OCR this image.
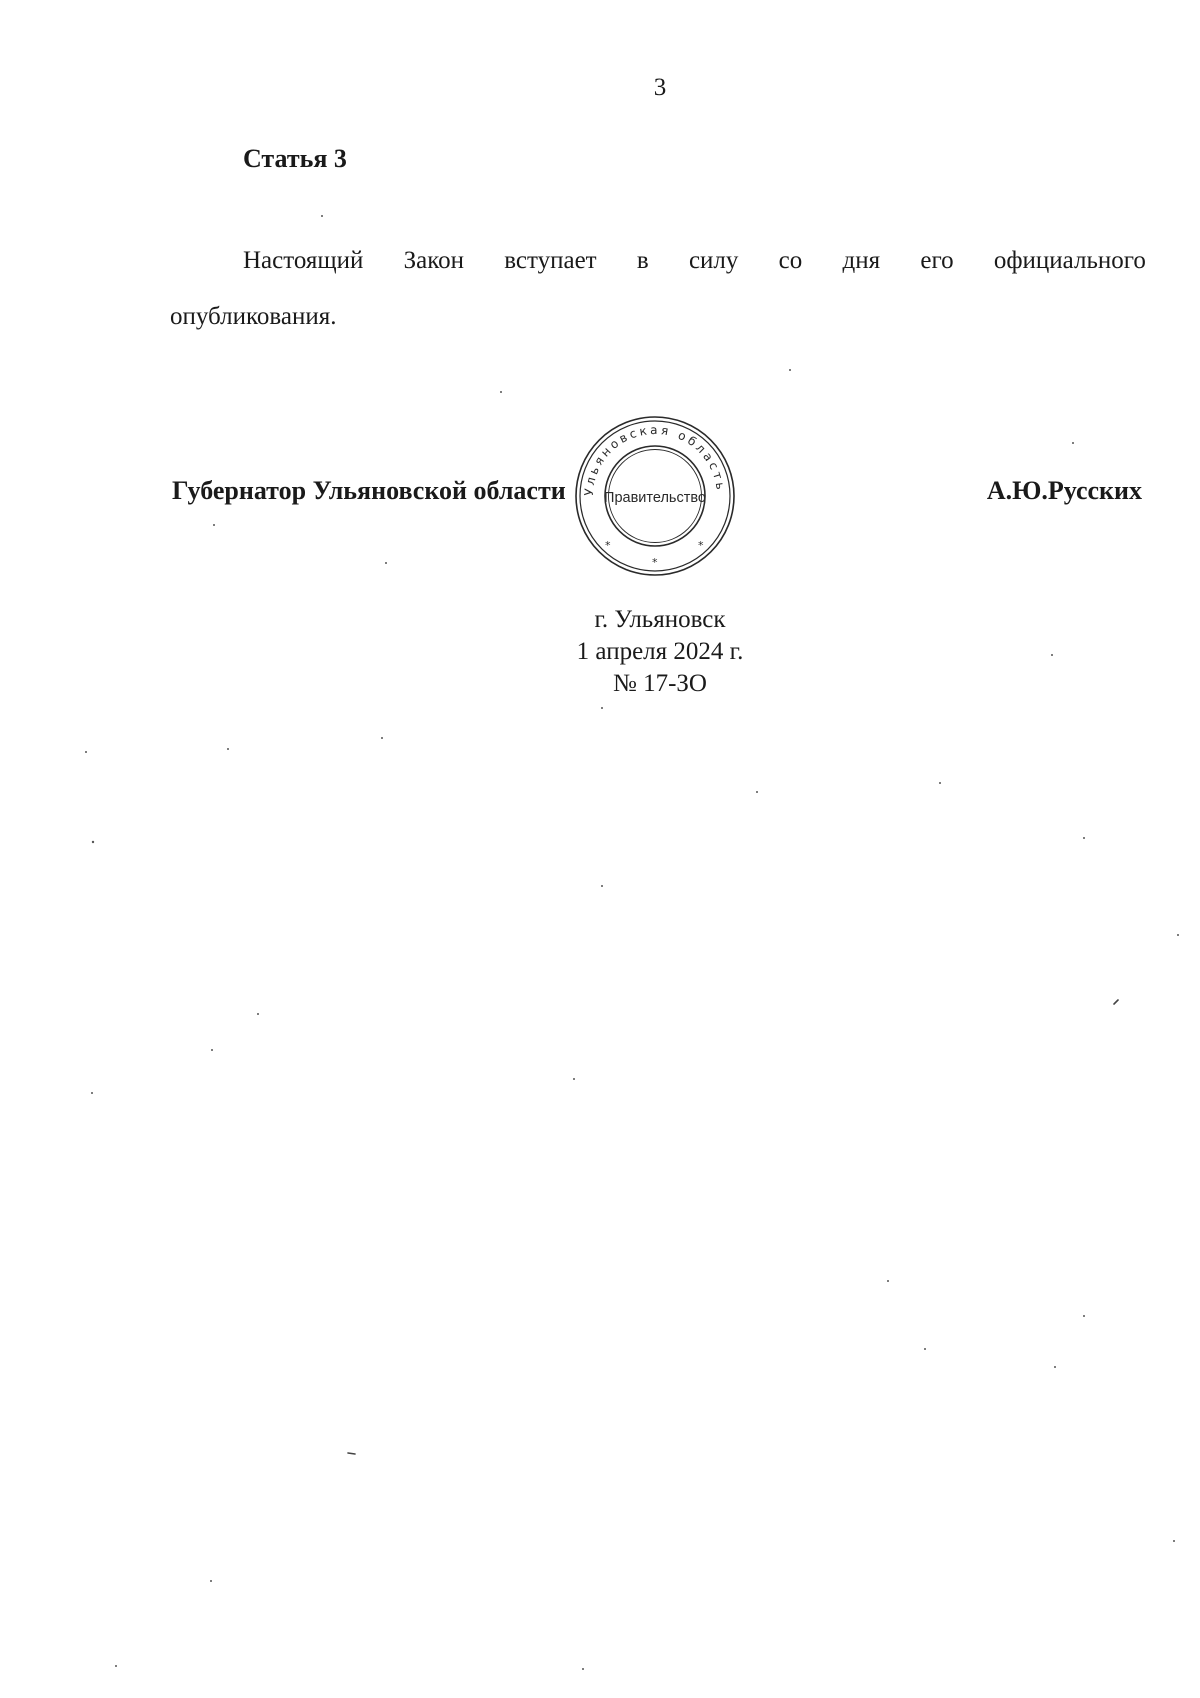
3
Статья 3
Настоящий Закон вступает в силу со дня его официального
опубликования.
Губернатор Ульяновской области	А.Ю.Русских
Ульяновская область
*
*
*
Правительство
г. Ульяновск
1 апреля 2024 г.
№ 17-ЗО
